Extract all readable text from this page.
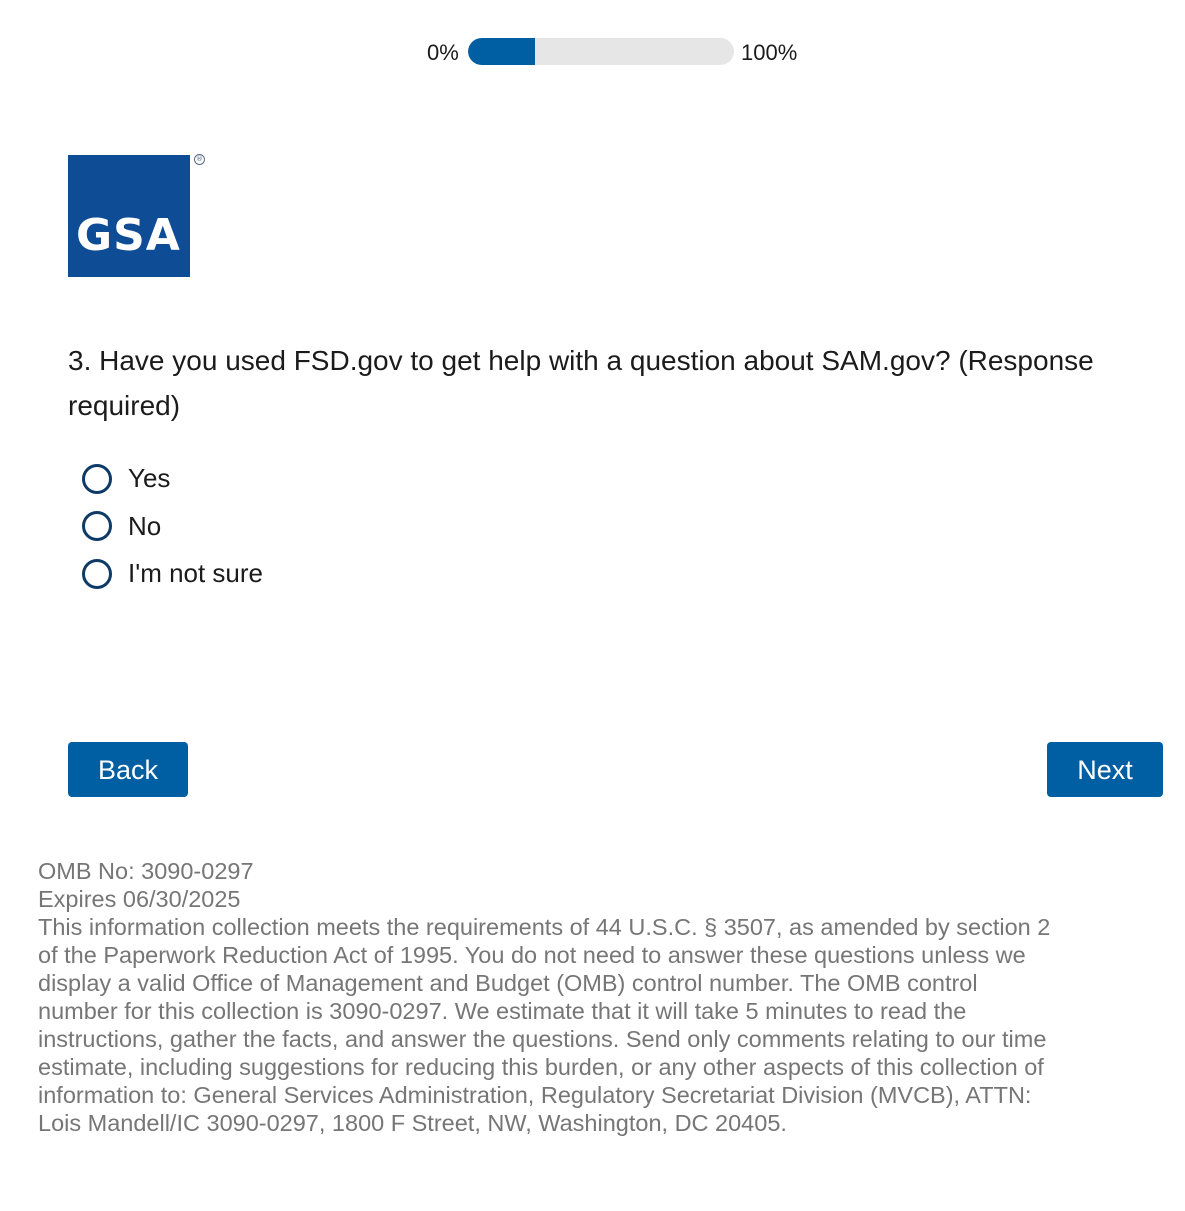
0%	100%
GSA
®
3. Have you used FSD.gov to get help with a question about SAM.gov? (Response required)
Yes
No
I'm not sure
Back	Next
OMB No: 3090-0297
Expires 06/30/2025
This information collection meets the requirements of 44 U.S.C. § 3507, as amended by section 2 of the Paperwork Reduction Act of 1995. You do not need to answer these questions unless we display a valid Office of Management and Budget (OMB) control number. The OMB control number for this collection is 3090-0297. We estimate that it will take 5 minutes to read the instructions, gather the facts, and answer the questions. Send only comments relating to our time estimate, including suggestions for reducing this burden, or any other aspects of this collection of information to: General Services Administration, Regulatory Secretariat Division (MVCB), ATTN: Lois Mandell/IC 3090-0297, 1800 F Street, NW, Washington, DC 20405.
